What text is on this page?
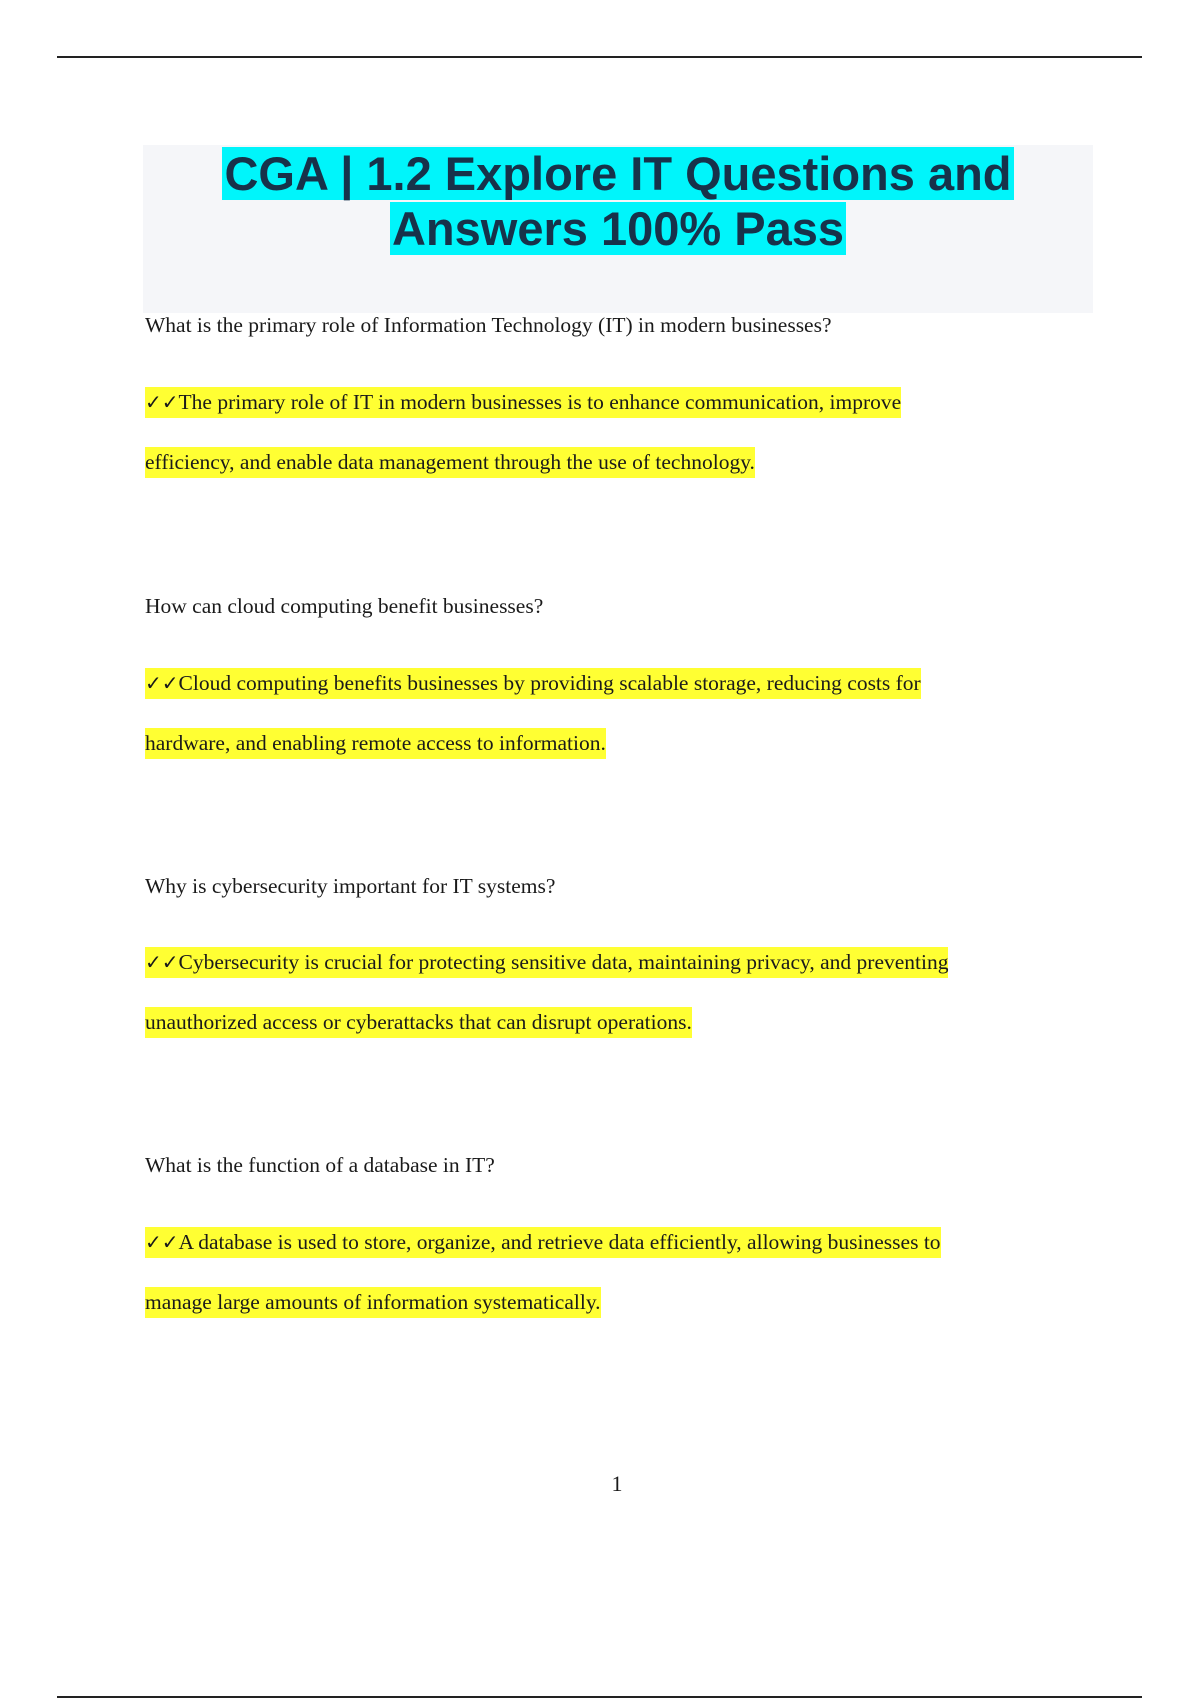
CGA | 1.2 Explore IT Questions and
Answers 100% Pass

What is the primary role of Information Technology (IT) in modern businesses?

✓✓The primary role of IT in modern businesses is to enhance communication, improve
efficiency, and enable data management through the use of technology.

How can cloud computing benefit businesses?

✓✓Cloud computing benefits businesses by providing scalable storage, reducing costs for
hardware, and enabling remote access to information.

Why is cybersecurity important for IT systems?

✓✓Cybersecurity is crucial for protecting sensitive data, maintaining privacy, and preventing
unauthorized access or cyberattacks that can disrupt operations.

What is the function of a database in IT?

✓✓A database is used to store, organize, and retrieve data efficiently, allowing businesses to
manage large amounts of information systematically.

1
